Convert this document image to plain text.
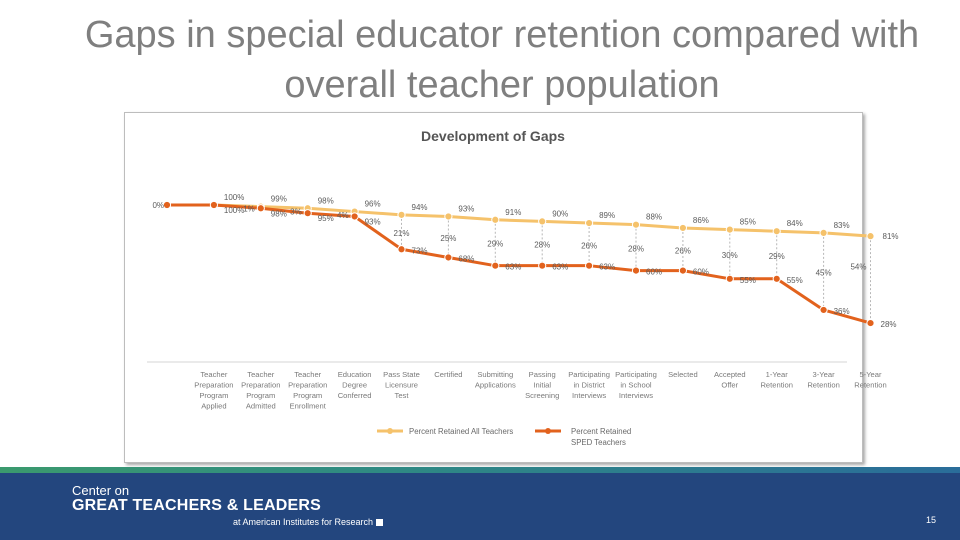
Gaps in special educator retention compared with overall teacher population
Development of Gaps
0%
100%
100%
99%
98%
1%
98%
95%
3%
96%
93%
4%
94%
73%
21%
93%
68%
25%
91%
63%
29%
90%
63%
28%
89%
63%
26%
88%
60%
28%
86%
60%
26%
85%
55%
30%
84%
55%
29%
83%
36%
45%
81%
28%
54%
Teacher
Preparation
Program
Applied
Teacher
Preparation
Program
Admitted
Teacher
Preparation
Program
Enrollment
Education
Degree
Conferred
Pass State
Licensure
Test
Certified Submitting
Applications
Passing
Initial
Screening
Participating
in District
Interviews
Participating
in School
Interviews
Selected Accepted
Offer
1-Year
Retention
3-Year
Retention
5-Year
Retention
Percent Retained All Teachers	Percent Retained SPED Teachers
Center on
GREAT TEACHERS & LEADERS
at American Institutes for Research	15
